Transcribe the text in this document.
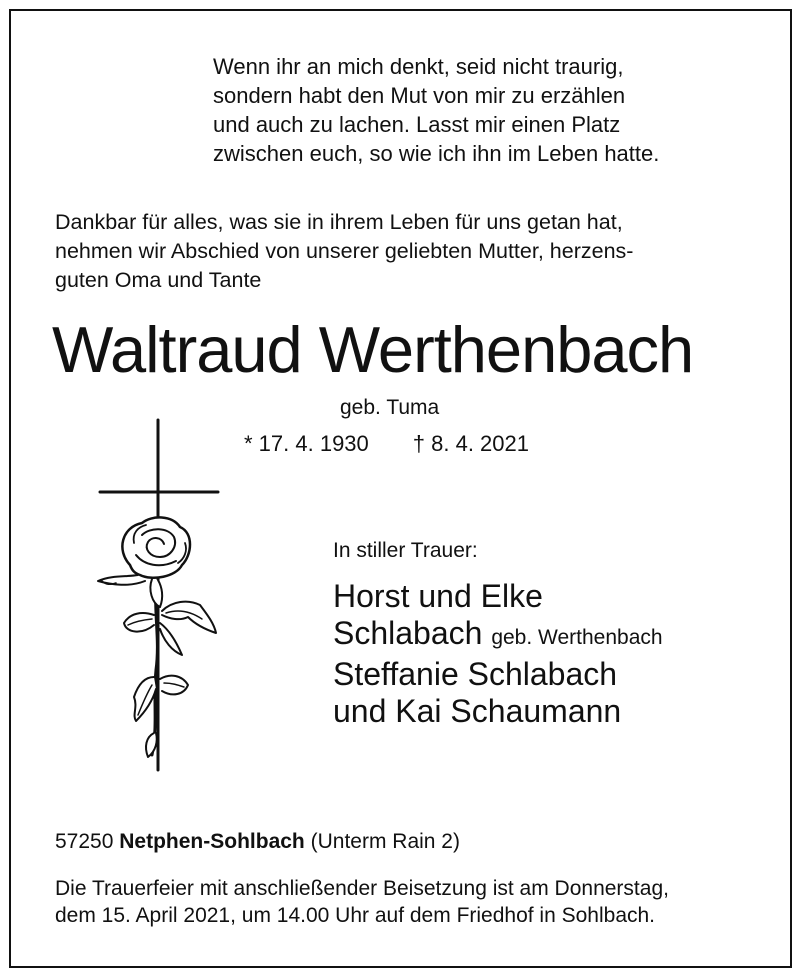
Wenn ihr an mich denkt, seid nicht traurig,
sondern habt den Mut von mir zu erzählen
und auch zu lachen. Lasst mir einen Platz
zwischen euch, so wie ich ihn im Leben hatte.
Dankbar für alles, was sie in ihrem Leben für uns getan hat,
nehmen wir Abschied von unserer geliebten Mutter, herzens-
guten Oma und Tante
Waltraud Werthenbach
geb. Tuma
* 17. 4. 1930 † 8. 4. 2021
In stiller Trauer:
Horst und Elke
Schlabach geb. Werthenbach
Steffanie Schlabach
und Kai Schaumann
57250 Netphen-Sohlbach (Unterm Rain 2)
Die Trauerfeier mit anschließender Beisetzung ist am Donnerstag,
dem 15. April 2021, um 14.00 Uhr auf dem Friedhof in Sohlbach.
